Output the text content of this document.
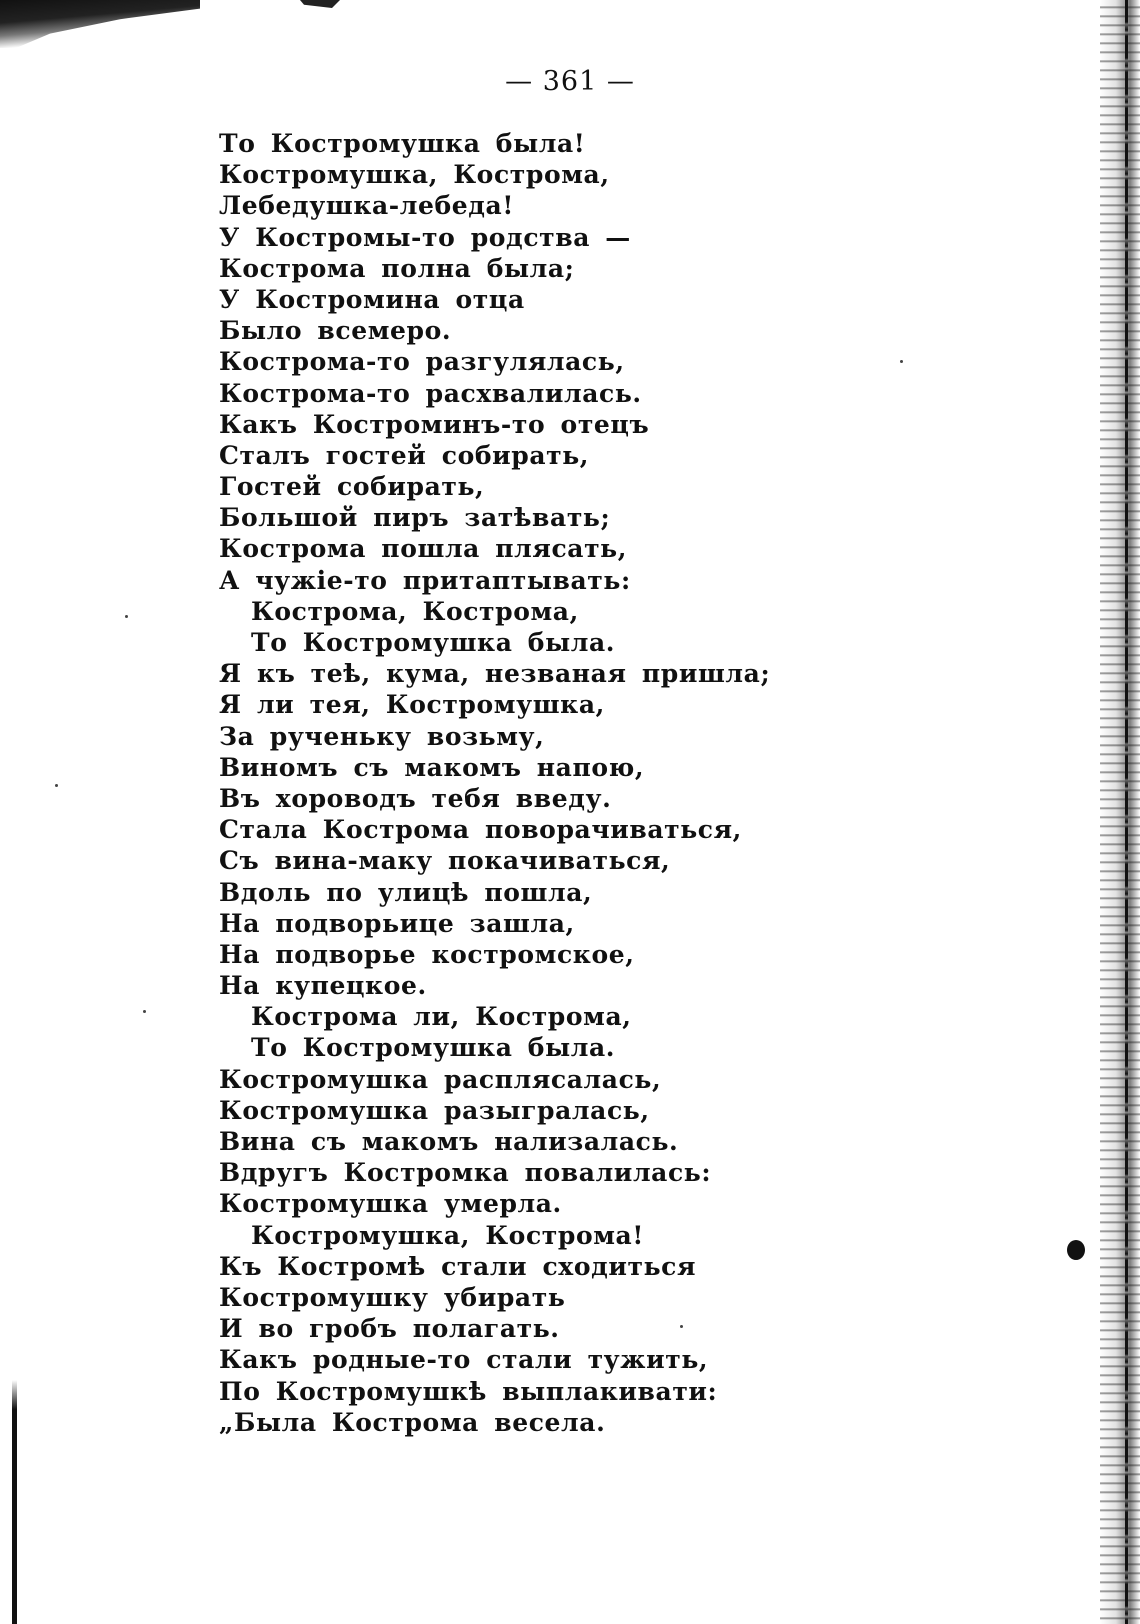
— 361 —
То Костромушка была!
Костромушка, Кострома,
Лебедушка-лебеда!
У Костромы-то родства —
Кострома полна была;
У Костромина отца
Было всемеро.
Кострома-то разгулялась,
Кострома-то расхвалилась.
Какъ Костроминъ-то отецъ
Сталъ гостей собирать,
Гостей собирать,
Большой пиръ затѣвать;
Кострома пошла плясать,
А чужіе-то притаптывать:
Кострома, Кострома,
То Костромушка была.
Я къ теѣ, кума, незваная пришла;
Я ли тея, Костромушка,
За рученьку возьму,
Виномъ съ макомъ напою,
Въ хороводъ тебя введу.
Стала Кострома поворачиваться,
Съ вина-маку покачиваться,
Вдоль по улицѣ пошла,
На подворьице зашла,
На подворье костромское,
На купецкое.
Кострома ли, Кострома,
То Костромушка была.
Костромушка расплясалась,
Костромушка разыгралась,
Вина съ макомъ нализалась.
Вдругъ Костромка повалилась:
Костромушка умерла.
Костромушка, Кострома!
Къ Костромѣ стали сходиться
Костромушку убирать
И во гробъ полагать.
Какъ родные-то стали тужить,
По Костромушкѣ выплакивати:
„Была Кострома весела.
